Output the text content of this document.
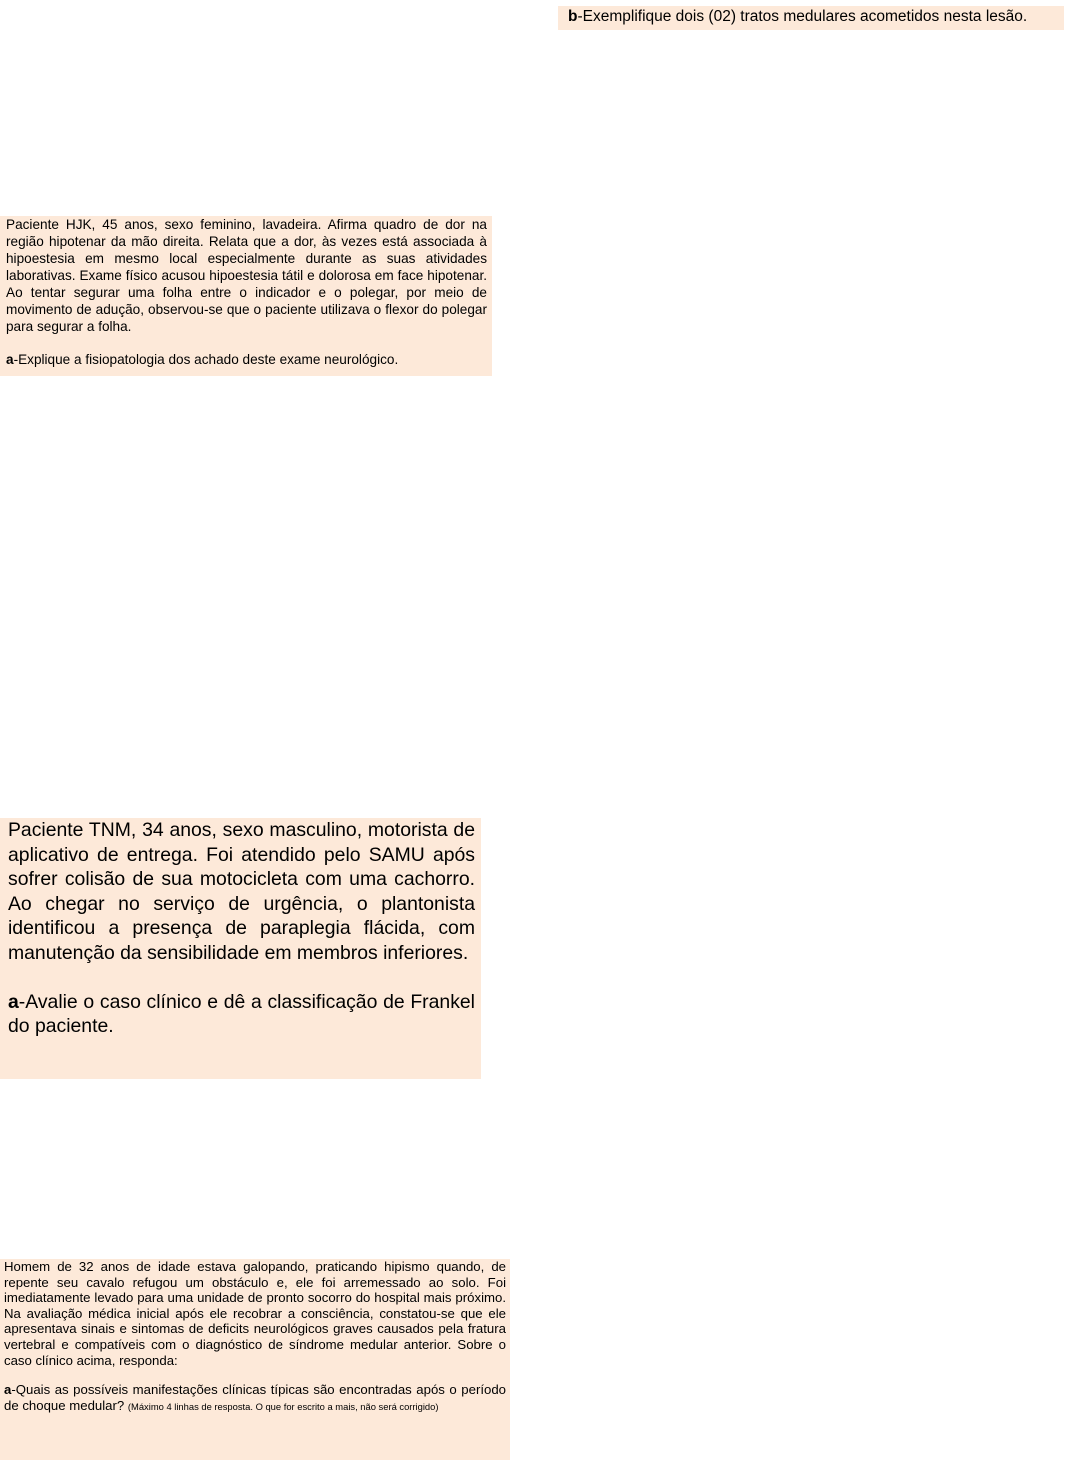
b-Exemplifique dois (02) tratos medulares acometidos nesta lesão.

Paciente HJK, 45 anos, sexo feminino, lavadeira. Afirma quadro de dor na região hipotenar da mão direita. Relata que a dor, às vezes está associada à hipoestesia em mesmo local especialmente durante as suas atividades laborativas. Exame físico acusou hipoestesia tátil e dolorosa em face hipotenar. Ao tentar segurar uma folha entre o indicador e o polegar, por meio de movimento de adução, observou-se que o paciente utilizava o flexor do polegar para segurar a folha.

a-Explique a fisiopatologia dos achado deste exame neurológico.

Paciente TNM, 34 anos, sexo masculino, motorista de aplicativo de entrega. Foi atendido pelo SAMU após sofrer colisão de sua motocicleta com uma cachorro. Ao chegar no serviço de urgência, o plantonista identificou a presença de paraplegia flácida, com manutenção da sensibilidade em membros inferiores.

a-Avalie o caso clínico e dê a classificação de Frankel do paciente.

Homem de 32 anos de idade estava galopando, praticando hipismo quando, de repente seu cavalo refugou um obstáculo e, ele foi arremessado ao solo. Foi imediatamente levado para uma unidade de pronto socorro do hospital mais próximo. Na avaliação médica inicial após ele recobrar a consciência, constatou-se que ele apresentava sinais e sintomas de deficits neurológicos graves causados pela fratura vertebral e compatíveis com o diagnóstico de síndrome medular anterior. Sobre o caso clínico acima, responda:

a-Quais as possíveis manifestações clínicas típicas são encontradas após o período de choque medular? (Máximo 4 linhas de resposta. O que for escrito a mais, não será corrigido)
